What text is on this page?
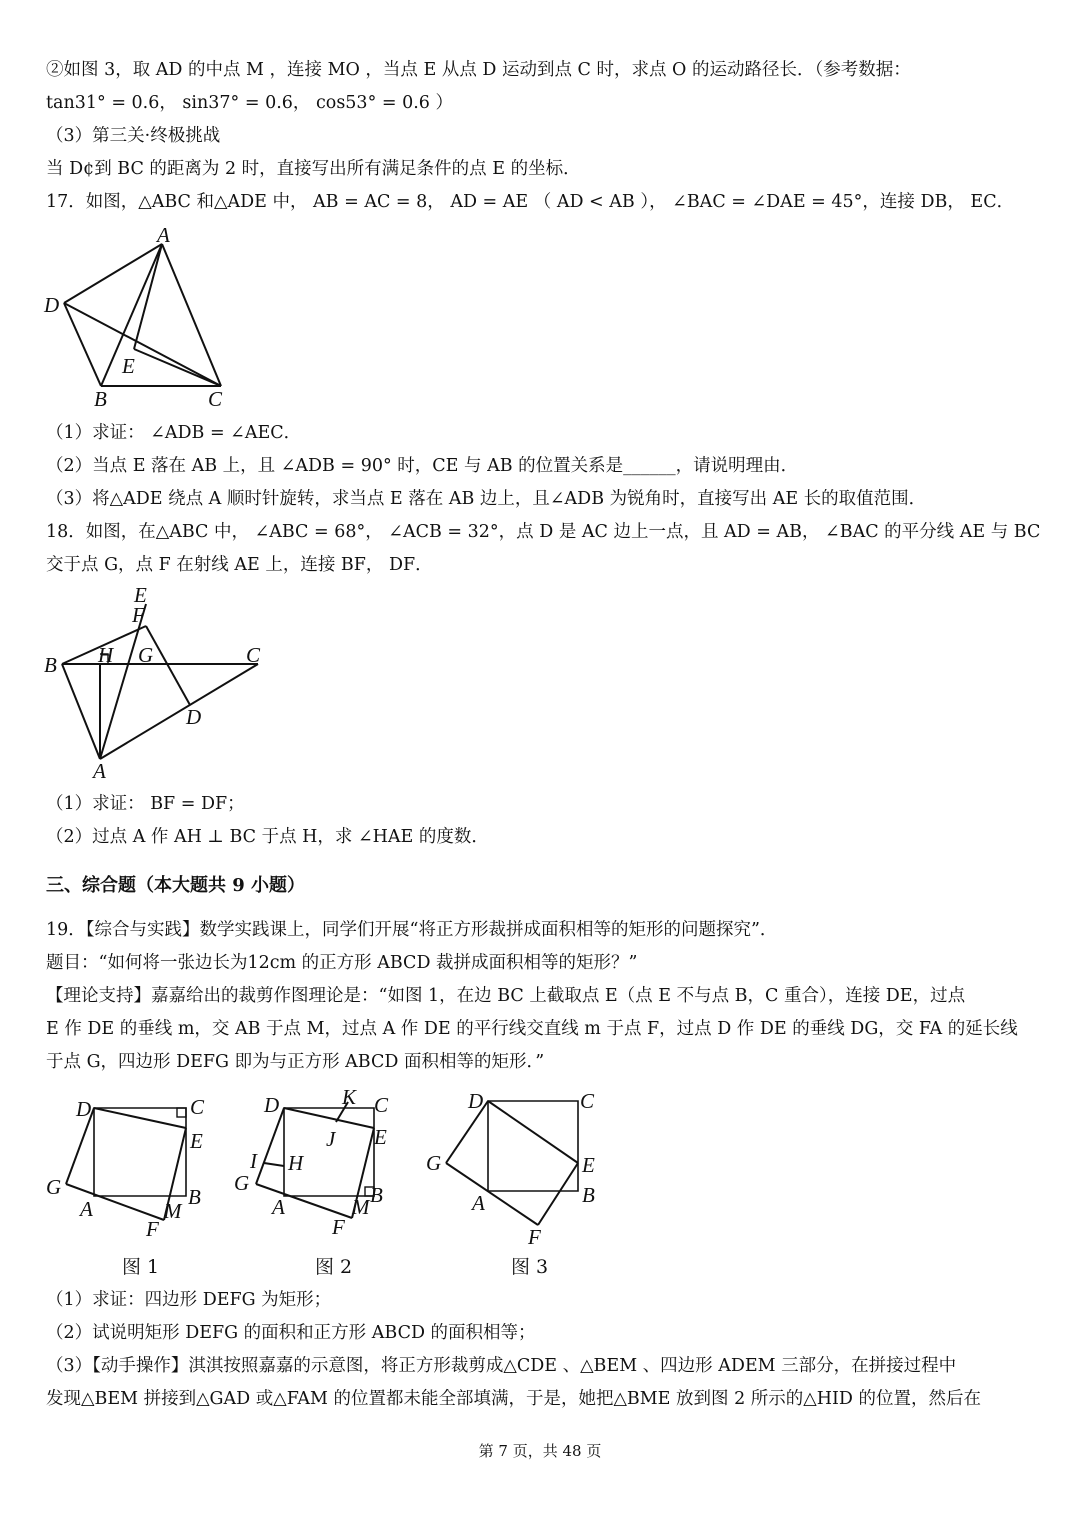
②如图 3，取 AD 的中点 M ，连接 MO ，当点 E 从点 D 运动到点 C 时，求点 O 的运动路径长．（参考数据：
tan31° = 0.6， sin37° = 0.6， cos53° = 0.6 ）
（3）第三关·终极挑战
当 D¢到 BC 的距离为 2 时，直接写出所有满足条件的点 E 的坐标．
17．如图，△ABC 和△ADE 中， AB = AC = 8， AD = AE （ AD < AB ）， ∠BAC = ∠DAE = 45°，连接 DB， EC．
A
D
E
B	C
（1）求证： ∠ADB = ∠AEC．
（2）当点 E 落在 AB 上，且 ∠ADB = 90° 时，CE 与 AB 的位置关系是______，请说明理由．
（3）将△ADE 绕点 A 顺时针旋转，求当点 E 落在 AB 边上，且∠ADB 为锐角时，直接写出 AE 长的取值范围．
18．如图，在△ABC 中， ∠ABC = 68°， ∠ACB = 32°，点 D 是 AC 边上一点，且 AD = AB， ∠BAC 的平分线 AE 与 BC
交于点 G，点 F 在射线 AE 上，连接 BF， DF．
E
F
B H G	C
D
A
（1）求证： BF = DF；
（2）过点 A 作 AH ⊥ BC 于点 H，求 ∠HAE 的度数．
三、综合题（本大题共 9 小题）
19．【综合与实践】数学实践课上，同学们开展“将正方形裁拼成面积相等的矩形的问题探究”．
题目：“如何将一张边长为12cm 的正方形 ABCD 裁拼成面积相等的矩形？”
【理论支持】嘉嘉给出的裁剪作图理论是：“如图 1，在边 BC 上截取点 E（点 E 不与点 B，C 重合），连接 DE，过点
E 作 DE 的垂线 m，交 AB 于点 M，过点 A 作 DE 的平行线交直线 m 于点 F，过点 D 作 DE 的垂线 DG，交 FA 的延长线
于点 G，四边形 DEFG 即为与正方形 ABCD 面积相等的矩形．”
D	C
E
G	B
A	M
F
图 1
K
D	C
J E
I H
G	B
A	M
F
图 2
D	C
G	E
B
A
F
图 3
（1）求证：四边形 DEFG 为矩形；
（2）试说明矩形 DEFG 的面积和正方形 ABCD 的面积相等；
（3）【动手操作】淇淇按照嘉嘉的示意图，将正方形裁剪成△CDE 、△BEM 、四边形 ADEM 三部分，在拼接过程中
发现△BEM 拼接到△GAD 或△FAM 的位置都未能全部填满，于是，她把△BME 放到图 2 所示的△HID 的位置，然后在
第 7 页，共 48 页
